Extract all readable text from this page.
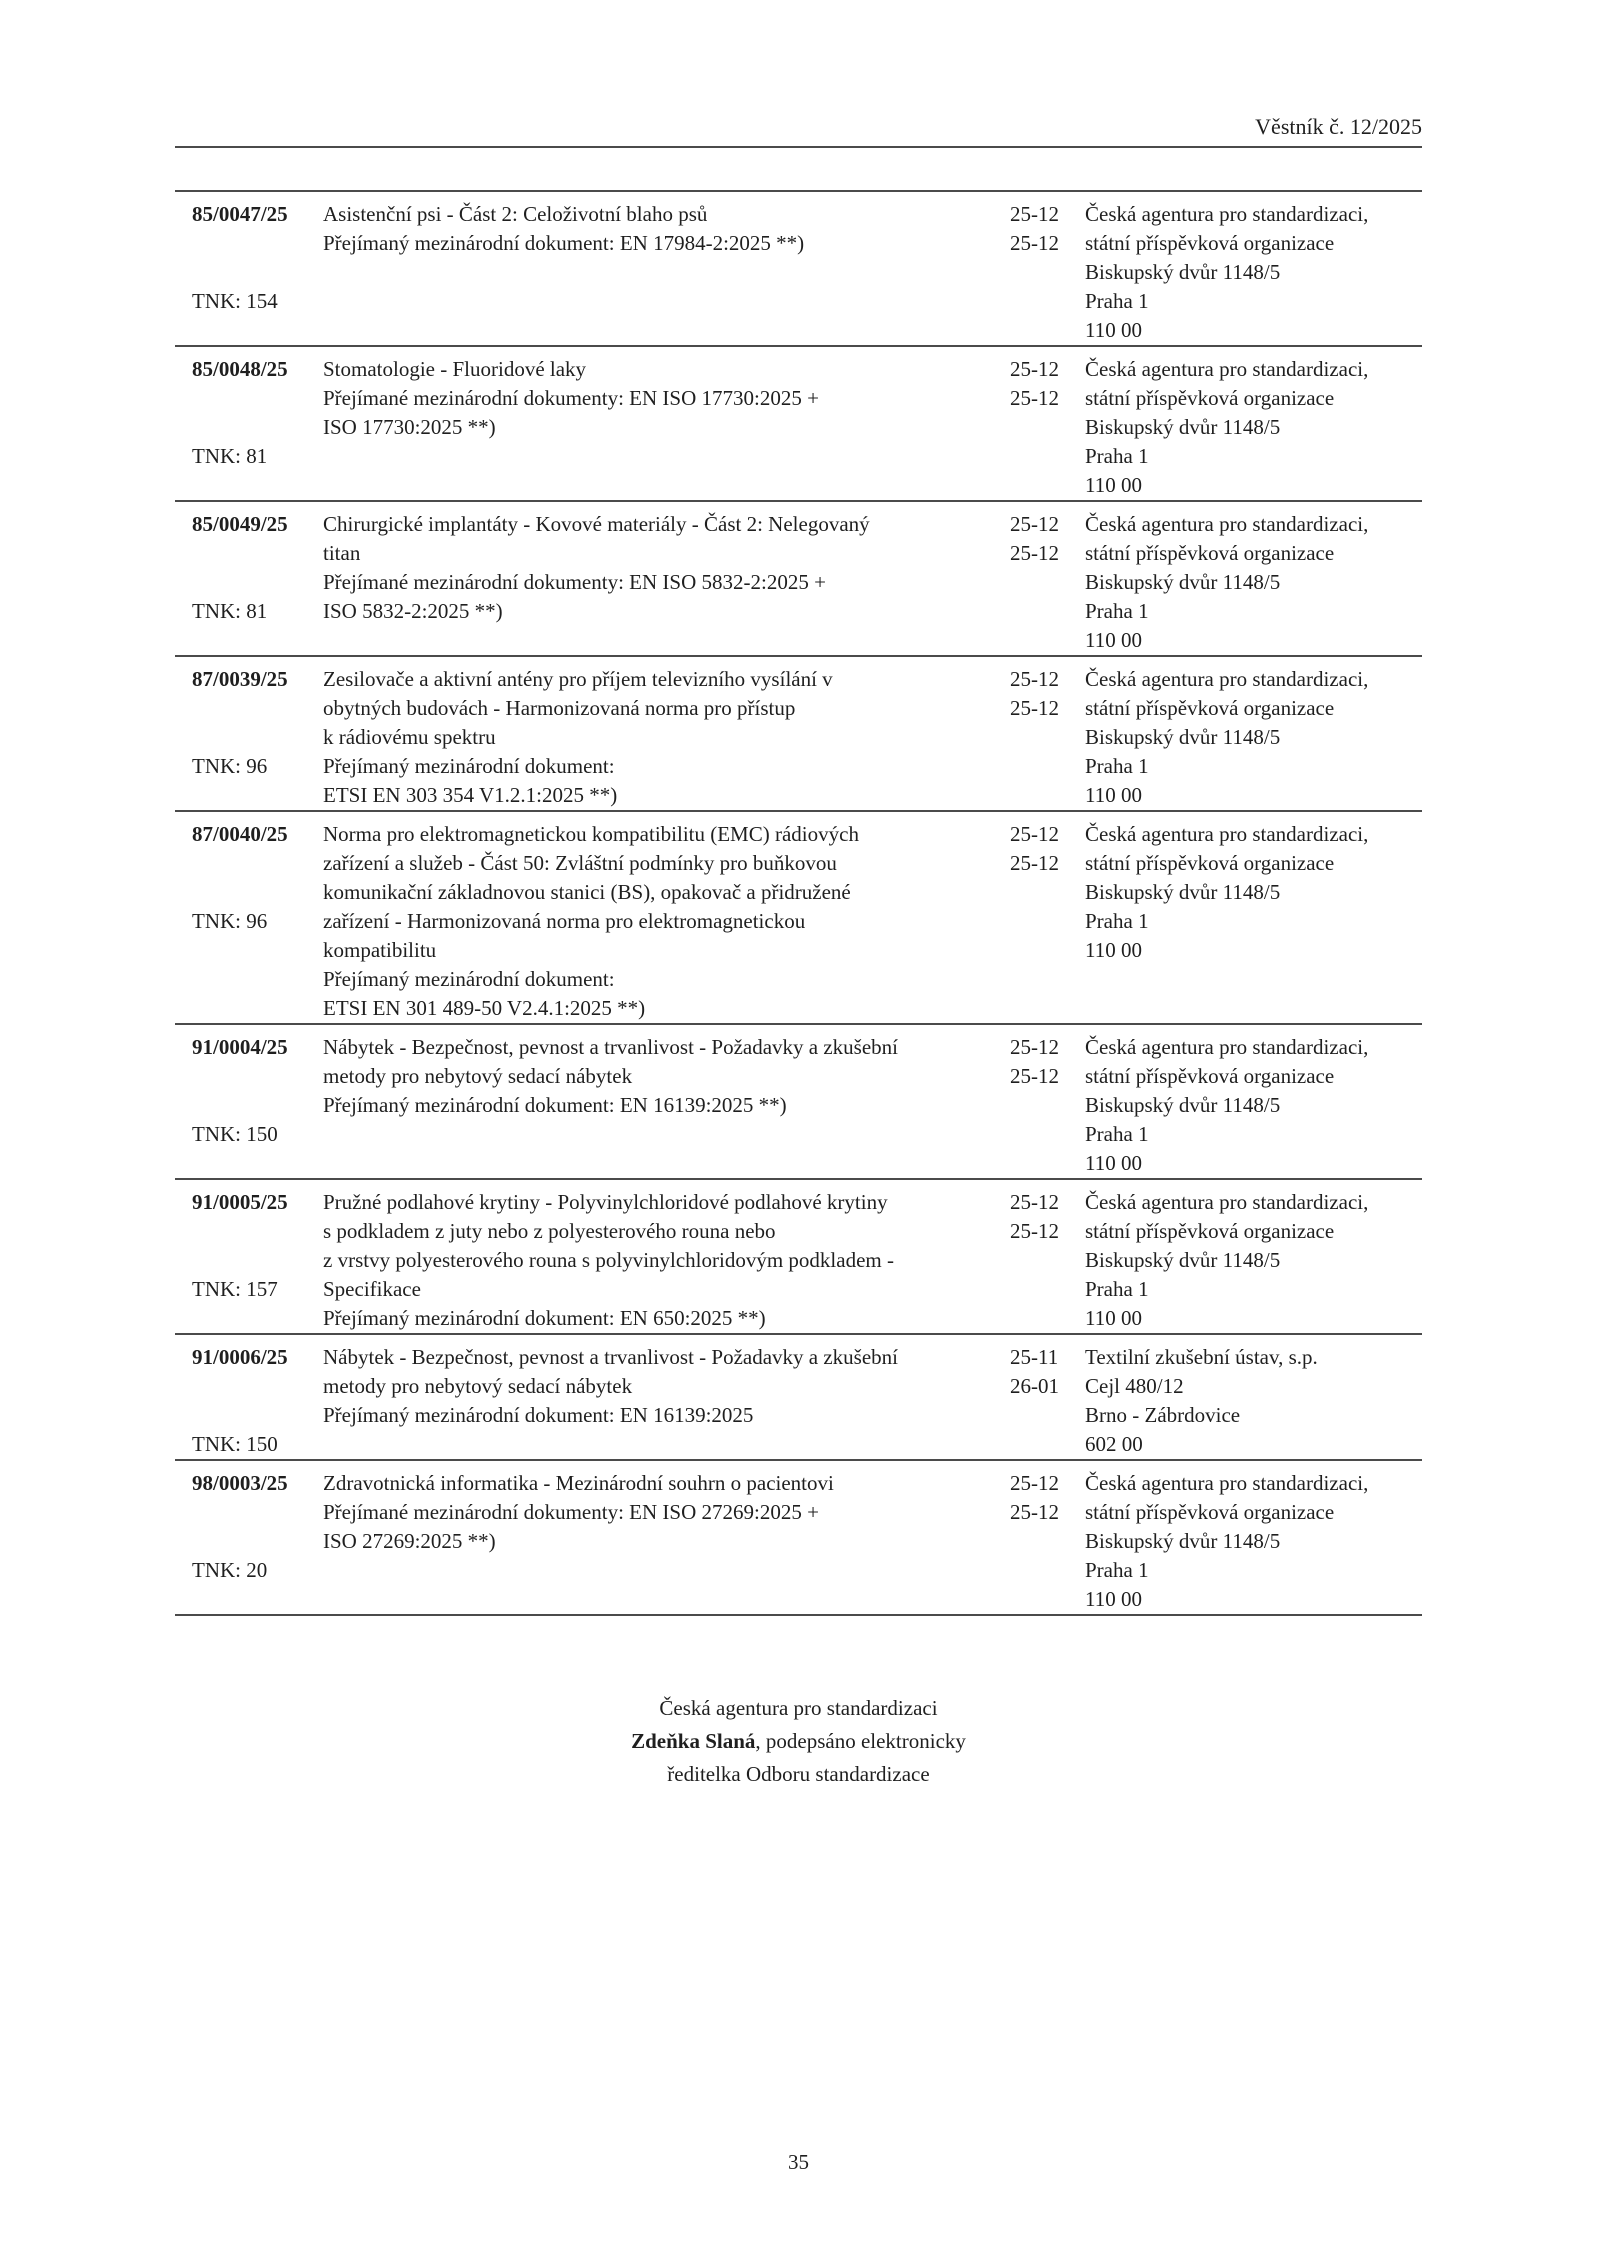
Věstník č. 12/2025
85/0047/25
TNK: 154
Asistenční psi - Část 2: Celoživotní blaho psů
Přejímaný mezinárodní dokument: EN 17984-2:2025 **)
25-12
25-12
Česká agentura pro standardizaci,
státní příspěvková organizace
Biskupský dvůr 1148/5
Praha 1
110 00
85/0048/25
TNK: 81
Stomatologie - Fluoridové laky
Přejímané mezinárodní dokumenty: EN ISO 17730:2025 +
ISO 17730:2025 **)
25-12
25-12
Česká agentura pro standardizaci,
státní příspěvková organizace
Biskupský dvůr 1148/5
Praha 1
110 00
85/0049/25
TNK: 81
Chirurgické implantáty - Kovové materiály - Část 2: Nelegovaný
titan
Přejímané mezinárodní dokumenty: EN ISO 5832-2:2025 +
ISO 5832-2:2025 **)
25-12
25-12
Česká agentura pro standardizaci,
státní příspěvková organizace
Biskupský dvůr 1148/5
Praha 1
110 00
87/0039/25
TNK: 96
Zesilovače a aktivní antény pro příjem televizního vysílání v
obytných budovách - Harmonizovaná norma pro přístup
k rádiovému spektru
Přejímaný mezinárodní dokument:
ETSI EN 303 354 V1.2.1:2025 **)
25-12
25-12
Česká agentura pro standardizaci,
státní příspěvková organizace
Biskupský dvůr 1148/5
Praha 1
110 00
87/0040/25
TNK: 96
Norma pro elektromagnetickou kompatibilitu (EMC) rádiových
zařízení a služeb - Část 50: Zvláštní podmínky pro buňkovou
komunikační základnovou stanici (BS), opakovač a přidružené
zařízení - Harmonizovaná norma pro elektromagnetickou
kompatibilitu
Přejímaný mezinárodní dokument:
ETSI EN 301 489-50 V2.4.1:2025 **)
25-12
25-12
Česká agentura pro standardizaci,
státní příspěvková organizace
Biskupský dvůr 1148/5
Praha 1
110 00
91/0004/25
TNK: 150
Nábytek - Bezpečnost, pevnost a trvanlivost - Požadavky a zkušební
metody pro nebytový sedací nábytek
Přejímaný mezinárodní dokument: EN 16139:2025 **)
25-12
25-12
Česká agentura pro standardizaci,
státní příspěvková organizace
Biskupský dvůr 1148/5
Praha 1
110 00
91/0005/25
TNK: 157
Pružné podlahové krytiny - Polyvinylchloridové podlahové krytiny
s podkladem z juty nebo z polyesterového rouna nebo
z vrstvy polyesterového rouna s polyvinylchloridovým podkladem -
Specifikace
Přejímaný mezinárodní dokument: EN 650:2025 **)
25-12
25-12
Česká agentura pro standardizaci,
státní příspěvková organizace
Biskupský dvůr 1148/5
Praha 1
110 00
91/0006/25
TNK: 150
Nábytek - Bezpečnost, pevnost a trvanlivost - Požadavky a zkušební
metody pro nebytový sedací nábytek
Přejímaný mezinárodní dokument: EN 16139:2025
25-11
26-01
Textilní zkušební ústav, s.p.
Cejl 480/12
Brno - Zábrdovice
602 00
98/0003/25
TNK: 20
Zdravotnická informatika - Mezinárodní souhrn o pacientovi
Přejímané mezinárodní dokumenty: EN ISO 27269:2025 +
ISO 27269:2025 **)
25-12
25-12
Česká agentura pro standardizaci,
státní příspěvková organizace
Biskupský dvůr 1148/5
Praha 1
110 00
Česká agentura pro standardizaci
Zdeňka Slaná, podepsáno elektronicky
ředitelka Odboru standardizace
35
